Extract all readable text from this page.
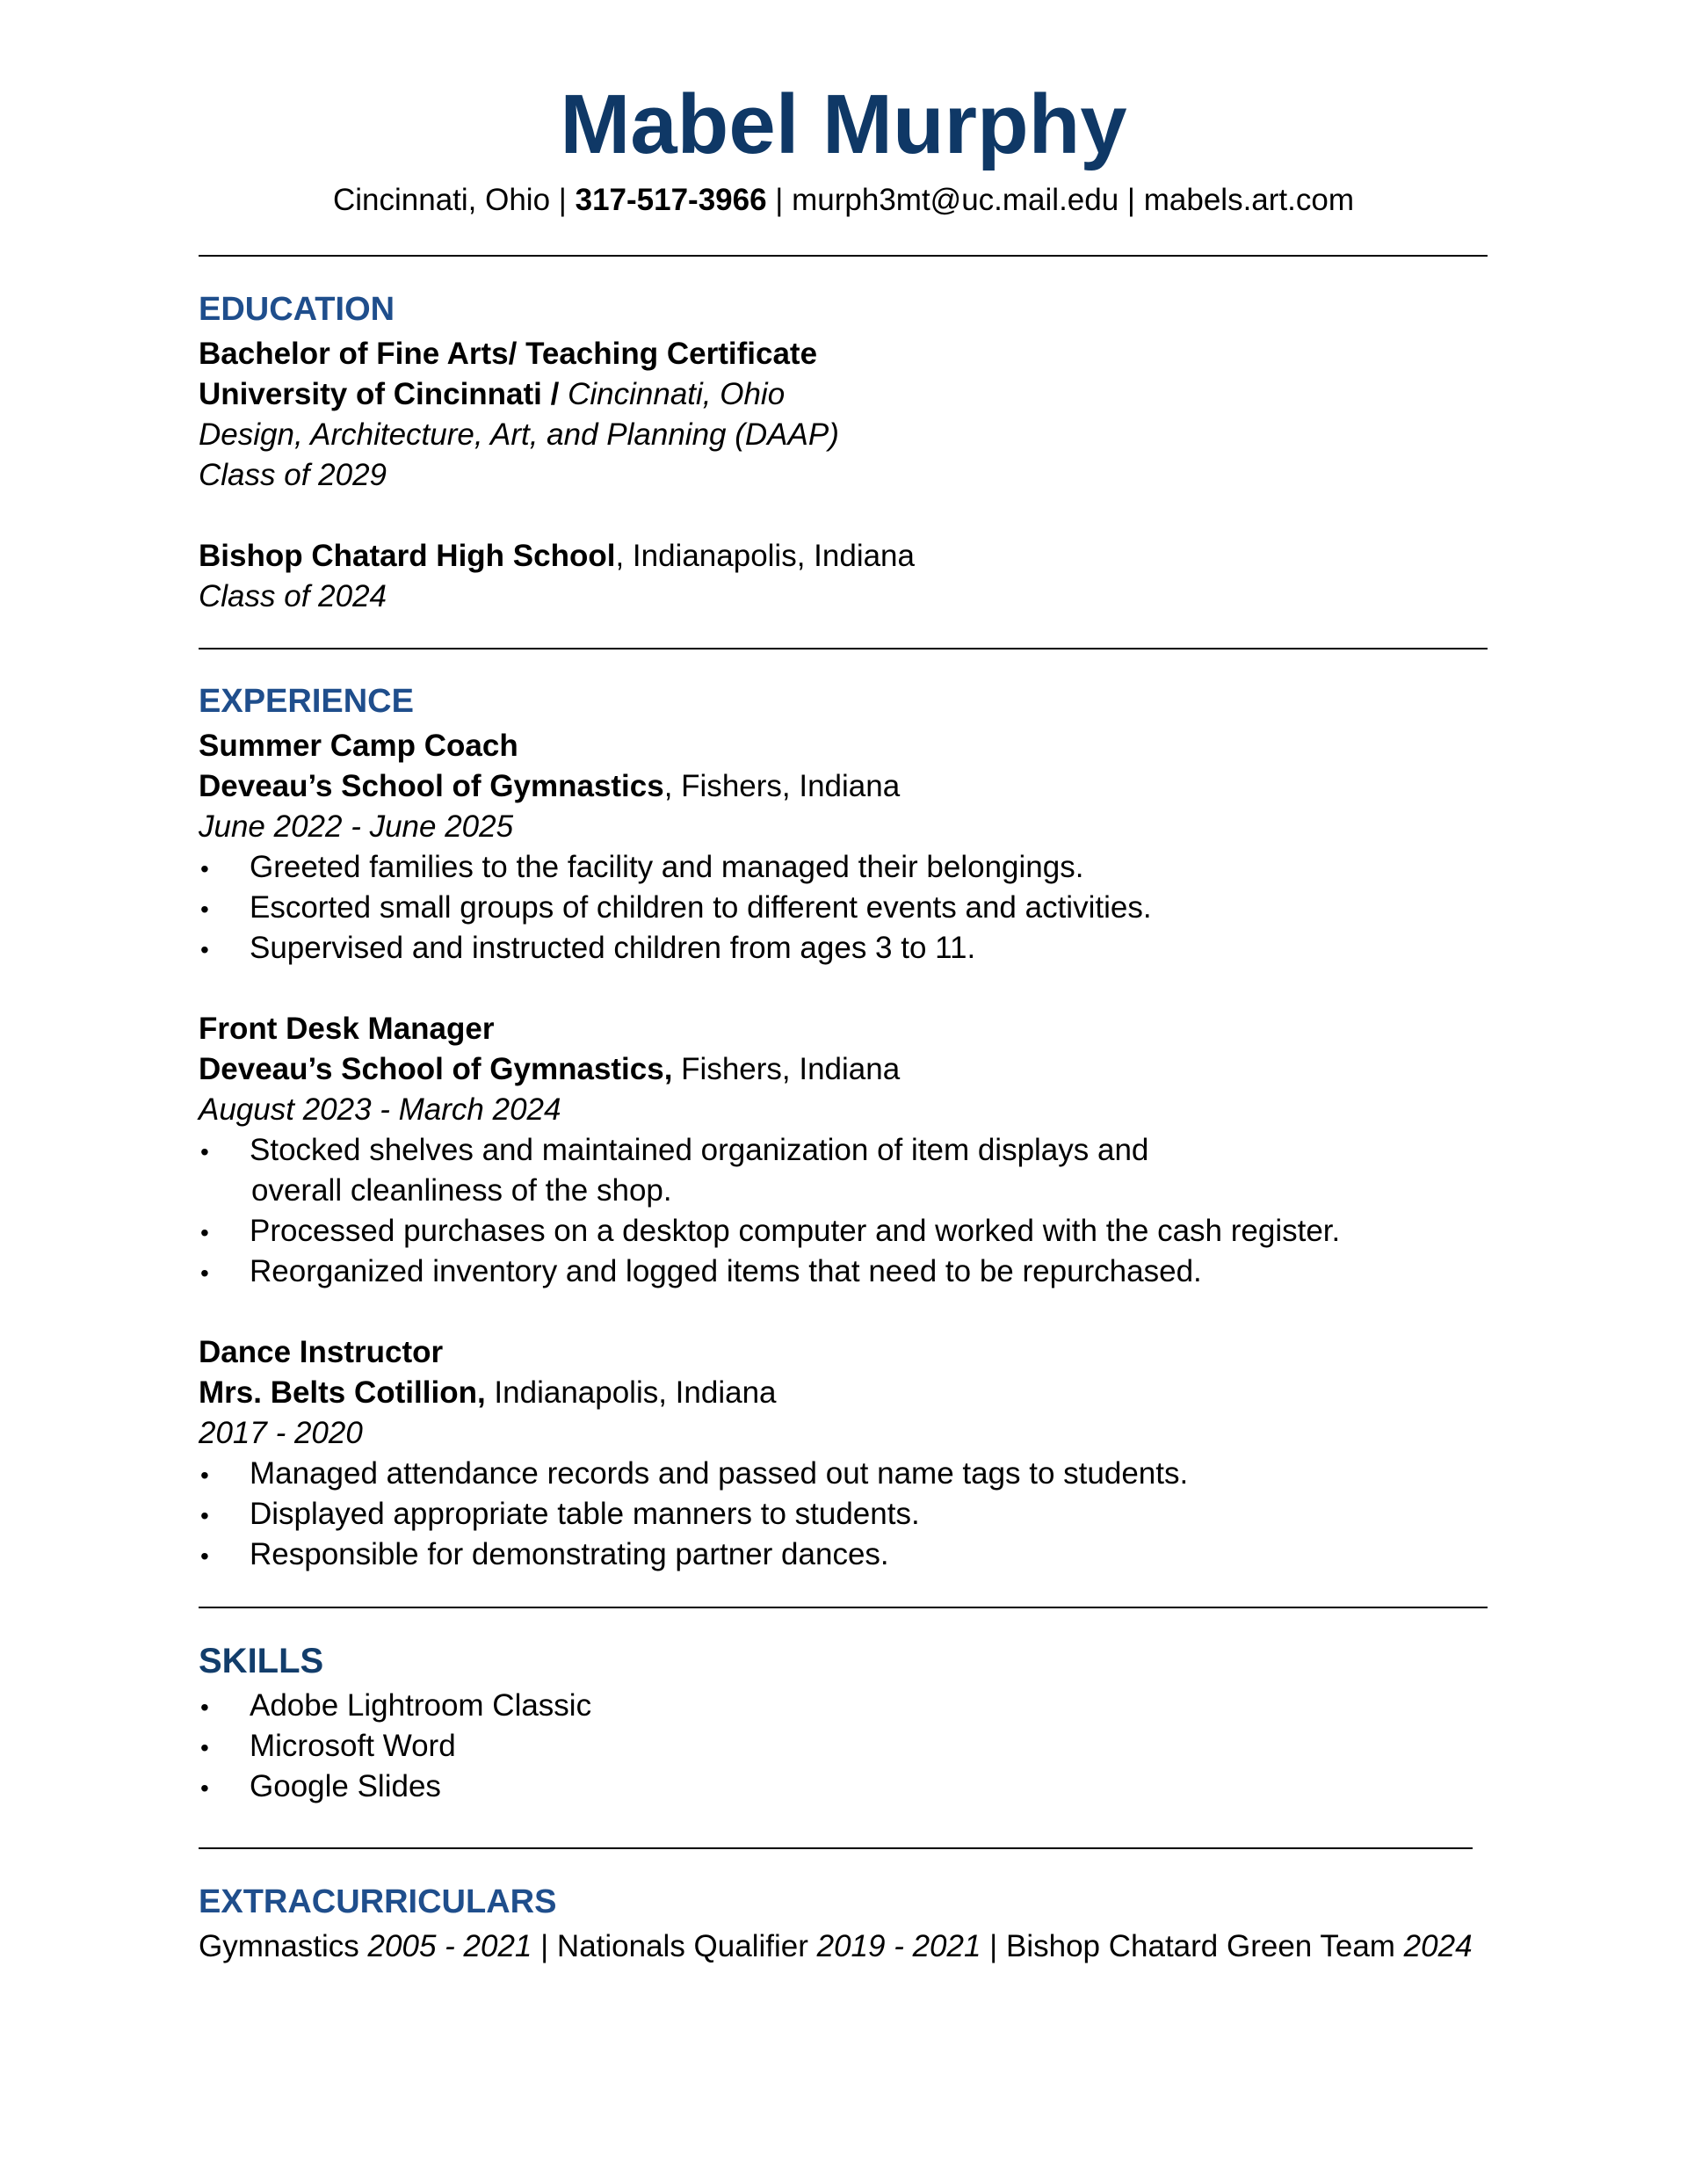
Mabel Murphy
Cincinnati, Ohio | 317-517-3966 | murph3mt@uc.mail.edu | mabels.art.com
EDUCATION
Bachelor of Fine Arts/ Teaching Certificate
University of Cincinnati / Cincinnati, Ohio
Design, Architecture, Art, and Planning (DAAP)
Class of 2029
Bishop Chatard High School, Indianapolis, Indiana
Class of 2024
EXPERIENCE
Summer Camp Coach
Deveau’s School of Gymnastics, Fishers, Indiana
June 2022 - June 2025
• Greeted families to the facility and managed their belongings.
• Escorted small groups of children to different events and activities.
• Supervised and instructed children from ages 3 to 11.
Front Desk Manager
Deveau’s School of Gymnastics, Fishers, Indiana
August 2023 - March 2024
• Stocked shelves and maintained organization of item displays and
overall cleanliness of the shop.
• Processed purchases on a desktop computer and worked with the cash register.
• Reorganized inventory and logged items that need to be repurchased.
Dance Instructor
Mrs. Belts Cotillion, Indianapolis, Indiana
2017 - 2020
• Managed attendance records and passed out name tags to students.
• Displayed appropriate table manners to students.
• Responsible for demonstrating partner dances.
SKILLS
• Adobe Lightroom Classic
• Microsoft Word
• Google Slides
EXTRACURRICULARS
Gymnastics 2005 - 2021 | Nationals Qualifier 2019 - 2021 | Bishop Chatard Green Team 2024
